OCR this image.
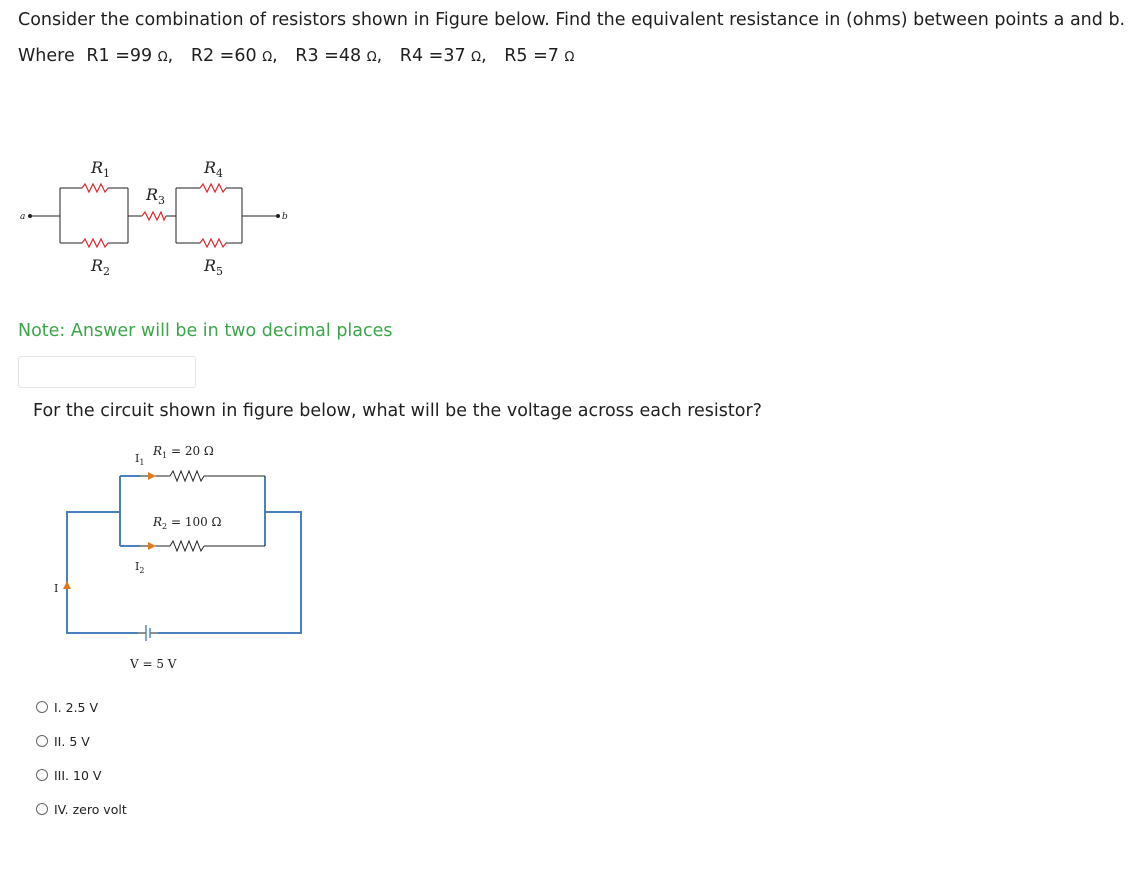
Consider the combination of resistors shown in Figure below. Find the equivalent resistance in (ohms) between points a and b.
Where R1 =99 Ω, R2 =60 Ω, R3 =48 Ω, R4 =37 Ω, R5 =7 Ω
a	b
$R_1$
$R_2$
$R_3$
$R_4$
$R_5$
Note: Answer will be in two decimal places
For the circuit shown in figure below, what will be the voltage across each resistor?
$I_1$
$I_2$
I
$R_1 = 20$ Ω
$R_2 = 100$ Ω
V = 5 V
I. 2.5 V
II. 5 V
III. 10 V
IV. zero volt
